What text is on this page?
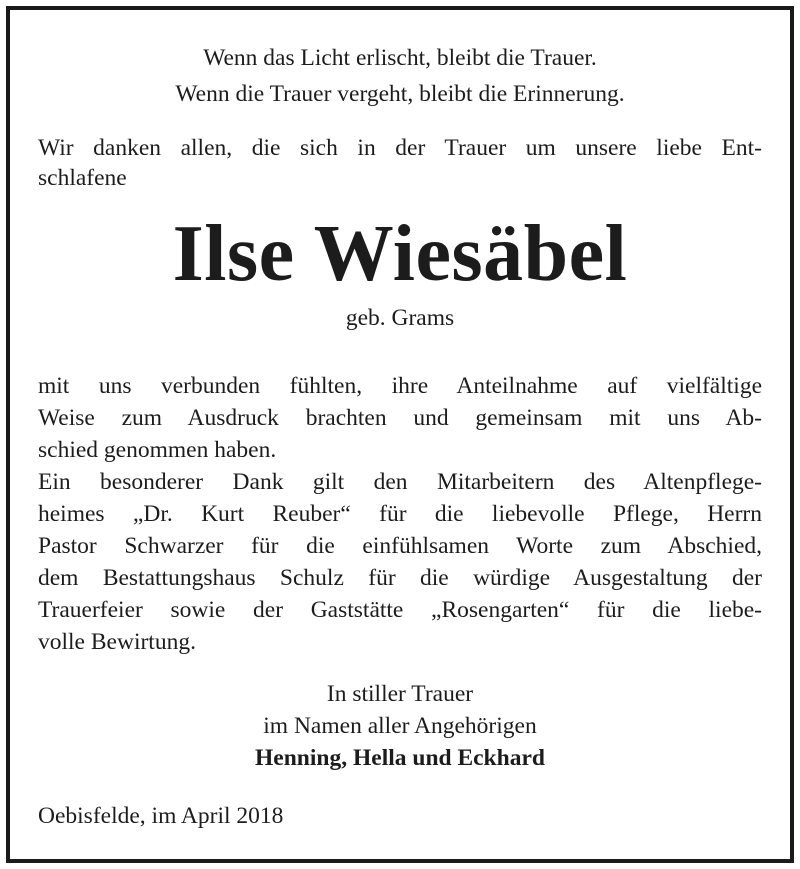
Wenn das Licht erlischt, bleibt die Trauer.
Wenn die Trauer vergeht, bleibt die Erinnerung.
Wir danken allen, die sich in der Trauer um unsere liebe Ent-
schlafene
Ilse Wiesäbel
geb. Grams
mit uns verbunden fühlten, ihre Anteilnahme auf vielfältige
Weise zum Ausdruck brachten und gemeinsam mit uns Ab-
schied genommen haben.
Ein besonderer Dank gilt den Mitarbeitern des Altenpflege-
heimes „Dr. Kurt Reuber“ für die liebevolle Pflege, Herrn
Pastor Schwarzer für die einfühlsamen Worte zum Abschied,
dem Bestattungshaus Schulz für die würdige Ausgestaltung der
Trauerfeier sowie der Gaststätte „Rosengarten“ für die liebe-
volle Bewirtung.
In stiller Trauer
im Namen aller Angehörigen
Henning, Hella und Eckhard
Oebisfelde, im April 2018
